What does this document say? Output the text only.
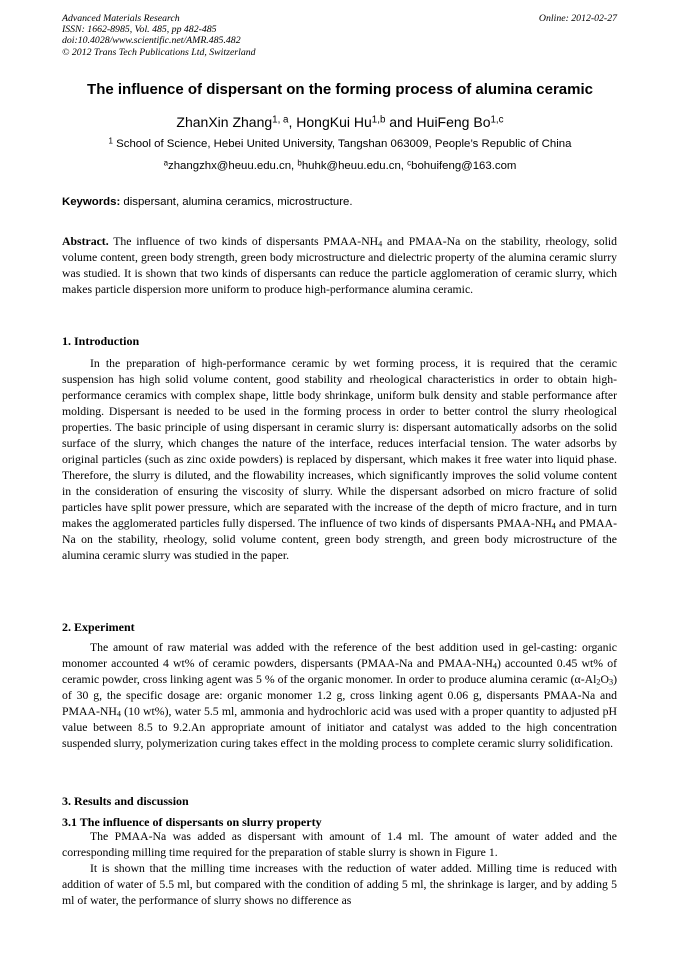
Advanced Materials Research
ISSN: 1662-8985, Vol. 485, pp 482-485
doi:10.4028/www.scientific.net/AMR.485.482
© 2012 Trans Tech Publications Ltd, Switzerland
Online: 2012-02-27
The influence of dispersant on the forming process of alumina ceramic
ZhanXin Zhang$^{1, a}$, HongKui Hu$^{1,b}$ and HuiFeng Bo$^{1,c}$
$^1$ School of Science, Hebei United University, Tangshan 063009, People’s Republic of China
$^a$zhangzhx@heuu.edu.cn, $^b$huhk@heuu.edu.cn, $^c$bohuifeng@163.com
Keywords: dispersant, alumina ceramics, microstructure.

Abstract. The influence of two kinds of dispersants PMAA-$NH_4$ and PMAA-Na on the stability, rheology, solid volume content, green body strength, green body microstructure and dielectric property of the alumina ceramic slurry was studied. It is shown that two kinds of dispersants can reduce the particle agglomeration of ceramic slurry, which makes particle dispersion more uniform to produce high-performance alumina ceramic.

1. Introduction

In the preparation of high-performance ceramic by wet forming process, it is required that the ceramic suspension has high solid volume content, good stability and rheological characteristics in order to obtain high-performance ceramics with complex shape, little body shrinkage, uniform bulk density and stable performance after molding. Dispersant is needed to be used in the forming process in order to better control the slurry rheological properties. The basic principle of using dispersant in ceramic slurry is: dispersant automatically adsorbs on the solid surface of the slurry, which changes the nature of the interface, reduces interfacial tension. The water adsorbs by original particles (such as zinc oxide powders) is replaced by dispersant, which makes it free water into liquid phase. Therefore, the slurry is diluted, and the flowability increases, which significantly improves the solid volume content in the consideration of ensuring the viscosity of slurry. While the dispersant adsorbed on micro fracture of solid particles have split power pressure, which are separated with the increase of the depth of micro fracture, and in turn makes the agglomerated particles fully dispersed. The influence of two kinds of dispersants PMAA-$NH_4$ and PMAA-Na on the stability, rheology, solid volume content, green body strength, and green body microstructure of the alumina ceramic slurry was studied in the paper.

2. Experiment

The amount of raw material was added with the reference of the best addition used in gel-casting: organic monomer accounted 4 wt% of ceramic powders, dispersants (PMAA-Na and PMAA-$NH_4$) accounted 0.45 wt% of ceramic powder, cross linking agent was 5 % of the organic monomer. In order to produce alumina ceramic $(\alpha-Al_2O_3)$ of 30 g, the specific dosage are: organic monomer 1.2 g, cross linking agent 0.06 g, dispersants PMAA-Na and PMAA-$NH_4$ (10 wt%), water 5.5 ml, ammonia and hydrochloric acid was used with a proper quantity to adjusted pH value between 8.5 to 9.2.An appropriate amount of initiator and catalyst was added to the high concentration suspended slurry, polymerization curing takes effect in the molding process to complete ceramic slurry solidification.

3. Results and discussion
3.1 The influence of dispersants on slurry property

The PMAA-Na was added as dispersant with amount of 1.4 ml. The amount of water added and the corresponding milling time required for the preparation of stable slurry is shown in Figure 1.

It is shown that the milling time increases with the reduction of water added. Milling time is reduced with addition of water of 5.5 ml, but compared with the condition of adding 5 ml, the shrinkage is larger, and by adding 5 ml of water, the performance of slurry shows no difference as
